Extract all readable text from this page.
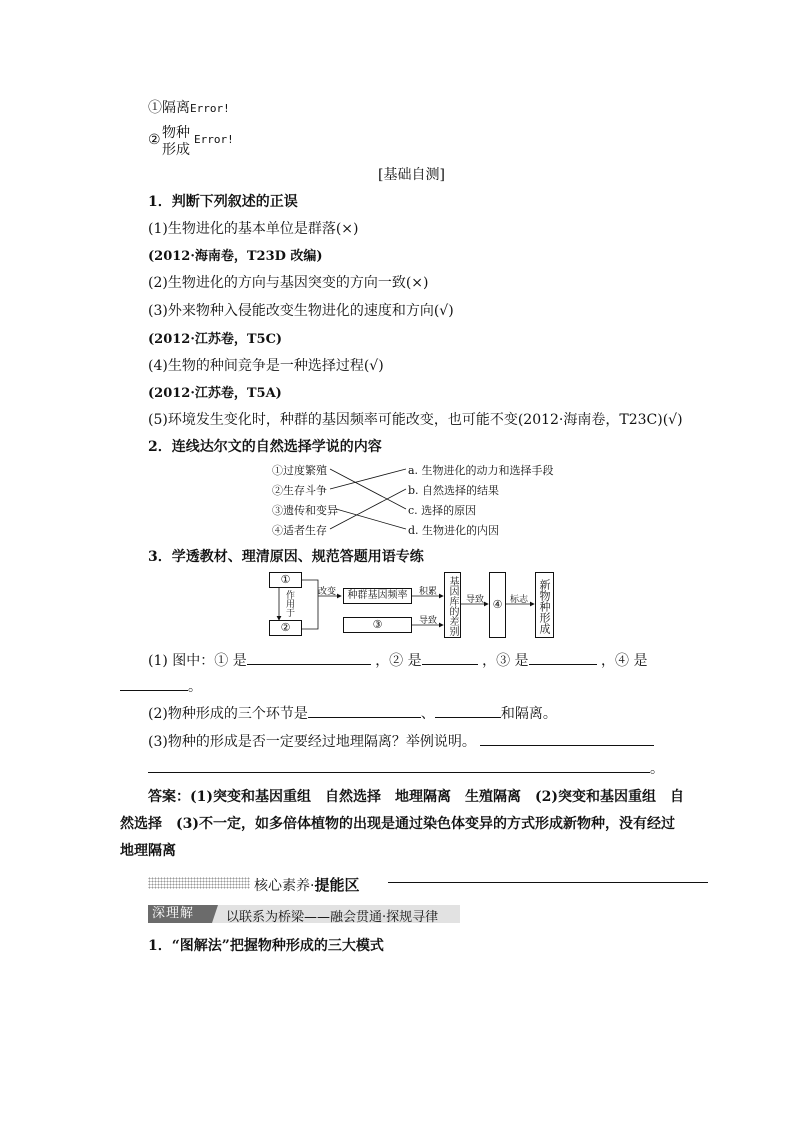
①隔离Error!
② 物种
形成
Error!
[基础自测]
1．判断下列叙述的正误
(1)生物进化的基本单位是群落(×)
(2012·海南卷，T23D 改编)
(2)生物进化的方向与基因突变的方向一致(×)
(3)外来物种入侵能改变生物进化的速度和方向(√)
(2012·江苏卷，T5C)
(4)生物的种间竞争是一种选择过程(√)
(2012·江苏卷，T5A)
(5)环境发生变化时，种群的基因频率可能改变，也可能不变(2012·海南卷，T23C)(√)
2．连线达尔文的自然选择学说的内容
①过度繁殖
②生存斗争
③遗传和变异
④适者生存
a. 生物进化的动力和选择手段
b. 自然选择的结果
c. 选择的原因
d. 生物进化的内因
3．学透教材、理清原因、规范答题用语专练
①
②
作用于	改变	种群基因频率
③
积累
导致 基因库的差别 导致 ④ 标志 新物种形成
(1) 图中：① 是	，② 是	，③ 是	，④ 是
。
(2)物种形成的三个环节是	、	和隔离。
(3)物种的形成是否一定要经过地理隔离？举例说明。
。
答案：(1)突变和基因重组　自然选择　地理隔离　生殖隔离　(2)突变和基因重组　自
然选择　(3)不一定，如多倍体植物的出现是通过染色体变异的方式形成新物种，没有经过
地理隔离
核心素养·提能区
深理解	以联系为桥梁——融会贯通·探规寻律
1．“图解法”把握物种形成的三大模式
